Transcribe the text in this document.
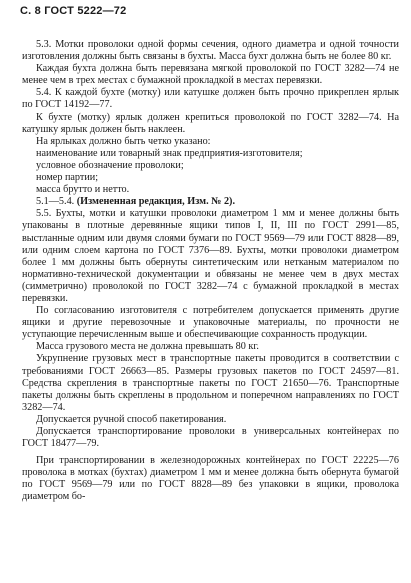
С. 8 ГОСТ 5222—72

5.3. Мотки проволоки одной формы сечения, одного диаметра и одной точности изготовления должны быть связаны в бухты. Масса бухт должна быть не более 80 кг.

Каждая бухта должна быть перевязана мягкой проволокой по ГОСТ 3282—74 не менее чем в трех местах с бумажной прокладкой в местах перевязки.

5.4. К каждой бухте (мотку) или катушке должен быть прочно прикреплен ярлык по ГОСТ 14192—77.

К бухте (мотку) ярлык должен крепиться проволокой по ГОСТ 3282—74. На катушку ярлык должен быть наклеен.

На ярлыках должно быть четко указано:

наименование или товарный знак предприятия-изготовителя;

условное обозначение проволоки;

номер партии;

масса брутто и нетто.

5.1—5.4. (Измененная редакция, Изм. № 2).

5.5. Бухты, мотки и катушки проволоки диаметром 1 мм и менее должны быть упакованы в плотные деревянные ящики типов I, II, III по ГОСТ 2991—85, выстланные одним или двумя слоями бумаги по ГОСТ 9569—79 или ГОСТ 8828—89, или одним слоем картона по ГОСТ 7376—89. Бухты, мотки проволоки диаметром более 1 мм должны быть обернуты синтетическим или нетканым материалом по нормативно-технической документации и обвязаны не менее чем в двух местах (симметрично) проволокой по ГОСТ 3282—74 с бумажной прокладкой в местах перевязки.

По согласованию изготовителя с потребителем допускается применять другие ящики и другие перевозочные и упаковочные материалы, по прочности не уступающие перечисленным выше и обеспечивающие сохранность продукции.

Масса грузового места не должна превышать 80 кг.

Укрупнение грузовых мест в транспортные пакеты проводится в соответствии с требованиями ГОСТ 26663—85. Размеры грузовых пакетов по ГОСТ 24597—81. Средства скрепления в транспортные пакеты по ГОСТ 21650—76. Транспортные пакеты должны быть скреплены в продольном и поперечном направлениях по ГОСТ 3282—74.

Допускается ручной способ пакетирования.

Допускается транспортирование проволоки в универсальных контейнерах по ГОСТ 18477—79.

При транспортировании в железнодорожных контейнерах по ГОСТ 22225—76 проволока в мотках (бухтах) диаметром 1 мм и менее должна быть обернута бумагой по ГОСТ 9569—79 или по ГОСТ 8828—89 без упаковки в ящики, проволока диаметром бо-
